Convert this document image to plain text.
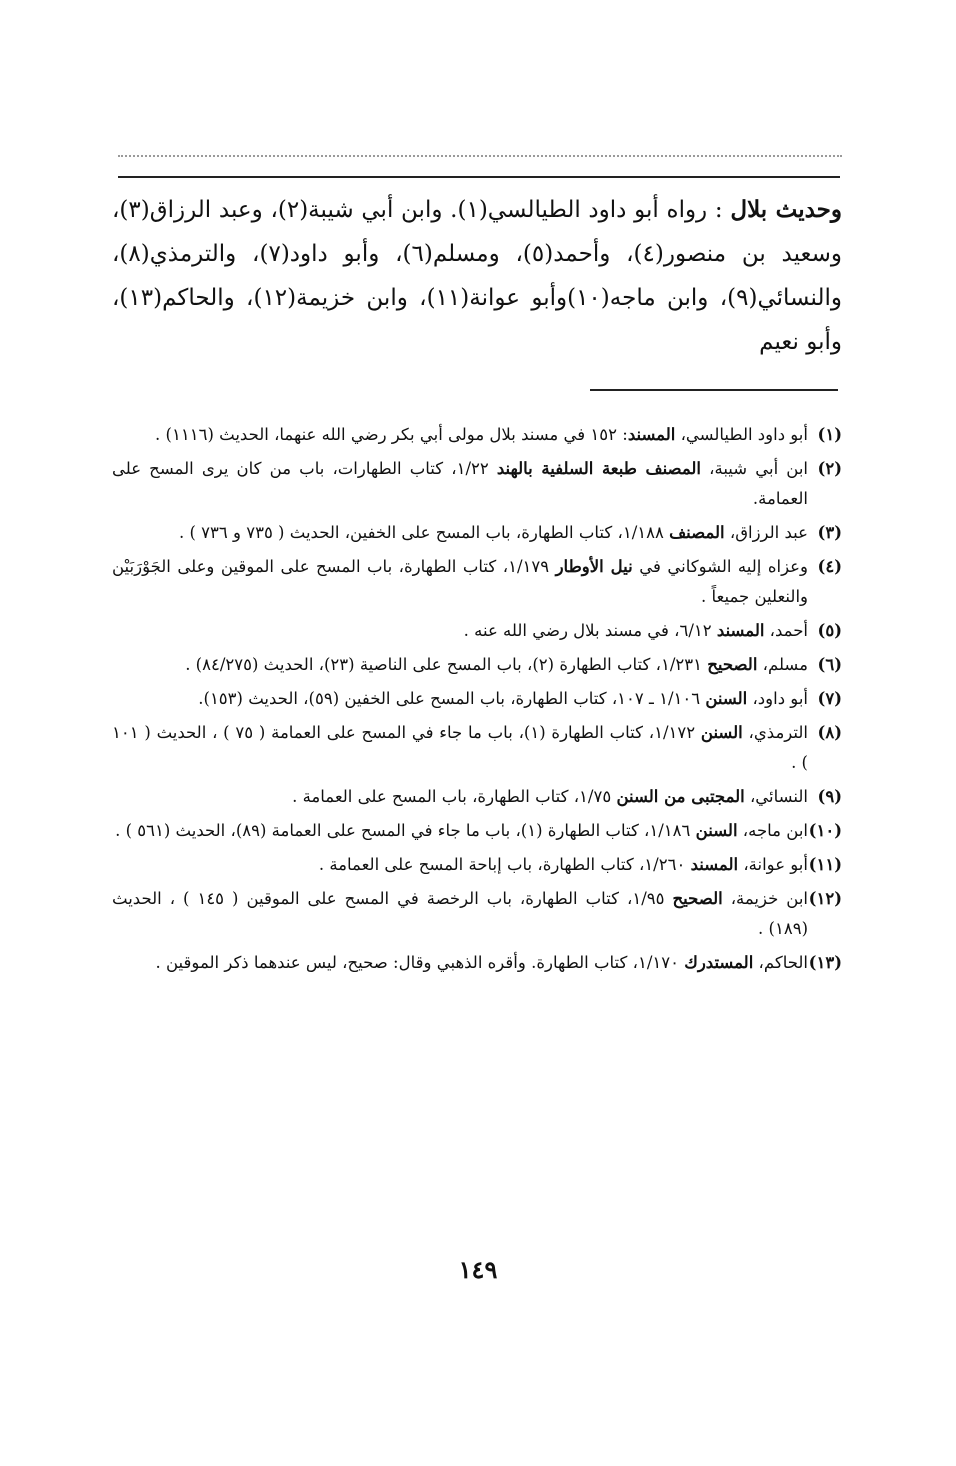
وحديث بلال : رواه أبو داود الطيالسي(١). وابن أبي شيبة(٢)، وعبد الرزاق(٣)، وسعيد بن منصور(٤)، وأحمد(٥)، ومسلم(٦)، وأبو داود(٧)، والترمذي(٨)، والنسائي(٩)، وابن ماجه(١٠)وأبو عوانة(١١)، وابن خزيمة(١٢)، والحاكم(١٣)، وأبو نعيم

(١)
أبو داود الطيالسي، المسند: ١٥٢ في مسند بلال مولى أبي بكر رضي الله عنهما، الحديث (١١١٦) .
(٢)
ابن أبي شيبة، المصنف طبعة السلفية بالهند ١/٢٢، كتاب الطهارات، باب من كان يرى المسح على العمامة.
(٣)
عبد الرزاق، المصنف ١/١٨٨، كتاب الطهارة، باب المسح على الخفين، الحديث ( ٧٣٥ و ٧٣٦ ) .
(٤)
وعزاه إليه الشوكاني في نيل الأوطار ١/١٧٩، كتاب الطهارة، باب المسح على الموقين وعلى الجَوْرَبَيْن والنعلين جميعاً .
(٥)
أحمد، المسند ٦/١٢، في مسند بلال رضي الله عنه .
(٦)
مسلم، الصحيح ١/٢٣١، كتاب الطهارة (٢)، باب المسح على الناصية (٢٣)، الحديث (٨٤/٢٧٥) .
(٧)
أبو داود، السنن ١/١٠٦ ـ ١٠٧، كتاب الطهارة، باب المسح على الخفين (٥٩)، الحديث (١٥٣).
(٨)
الترمذي، السنن ١/١٧٢، كتاب الطهارة (١)، باب ما جاء في المسح على العمامة ( ٧٥ ) ، الحديث ( ١٠١ ) .
(٩)
النسائي، المجتبى من السنن ١/٧٥، كتاب الطهارة، باب المسح على العمامة .
(١٠)
ابن ماجه، السنن ١/١٨٦، كتاب الطهارة (١)، باب ما جاء في المسح على العمامة (٨٩)، الحديث (٥٦١ ) .
(١١)
أبو عوانة، المسند ١/٢٦٠، كتاب الطهارة، باب إباحة المسح على العمامة .
(١٢)
ابن خزيمة، الصحيح ١/٩٥، كتاب الطهارة، باب الرخصة في المسح على الموقين ( ١٤٥ ) ، الحديث (١٨٩) .
(١٣)
الحاكم، المستدرك ١/١٧٠، كتاب الطهارة. وأقره الذهبي وقال: صحيح، ليس عندهما ذكر الموقين .
١٤٩
